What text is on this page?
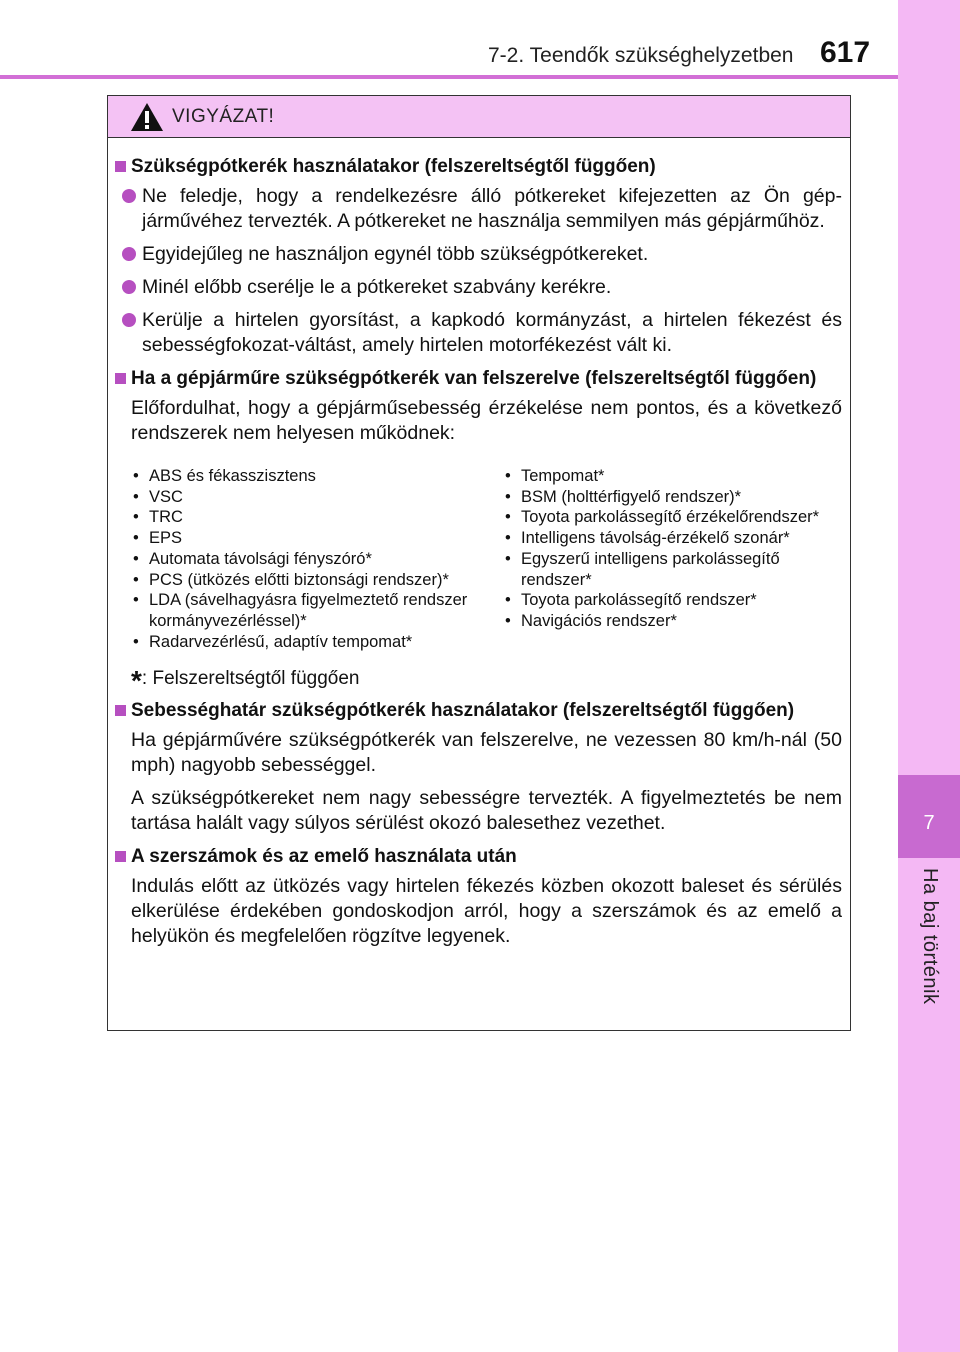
7-2. Teendők szükséghelyzetben 617
7
Ha baj történik
VIGYÁZAT!
Szükségpótkerék használatakor (felszereltségtől függően)
Ne feledje, hogy a rendelkezésre álló pótkereket kifejezetten az Ön gépjárművéhez tervezték. A pótkereket ne használja semmilyen más gépjárműhöz.
Egyidejűleg ne használjon egynél több szükségpótkereket.
Minél előbb cserélje le a pótkereket szabvány kerékre.
Kerülje a hirtelen gyorsítást, a kapkodó kormányzást, a hirtelen fékezést és sebességfokozat-váltást, amely hirtelen motorfékezést vált ki.
Ha a gépjárműre szükségpótkerék van felszerelve (felszereltségtől függően)
Előfordulhat, hogy a gépjárműsebesség érzékelése nem pontos, és a következő rendszerek nem helyesen működnek:
• ABS és fékasszisztens
• VSC
• TRC
• EPS
• Automata távolsági fényszóró*
• PCS (ütközés előtti biztonsági rendszer)*
• LDA (sávelhagyásra figyelmeztető rendszer kormányvezérléssel)*
• Radarvezérlésű, adaptív tempomat*
• Tempomat*
• BSM (holttérfigyelő rendszer)*
• Toyota parkolássegítő érzékelőrendszer*
• Intelligens távolság-érzékelő szonár*
• Egyszerű intelligens parkolássegítő rendszer*
• Toyota parkolássegítő rendszer*
• Navigációs rendszer*
*: Felszereltségtől függően
Sebességhatár szükségpótkerék használatakor (felszereltségtől függően)
Ha gépjárművére szükségpótkerék van felszerelve, ne vezessen 80 km/h-nál (50 mph) nagyobb sebességgel.
A szükségpótkereket nem nagy sebességre tervezték. A figyelmeztetés be nem tartása halált vagy súlyos sérülést okozó balesethez vezethet.
A szerszámok és az emelő használata után
Indulás előtt az ütközés vagy hirtelen fékezés közben okozott baleset és sérülés elkerülése érdekében gondoskodjon arról, hogy a szerszámok és az emelő a helyükön és megfelelően rögzítve legyenek.
